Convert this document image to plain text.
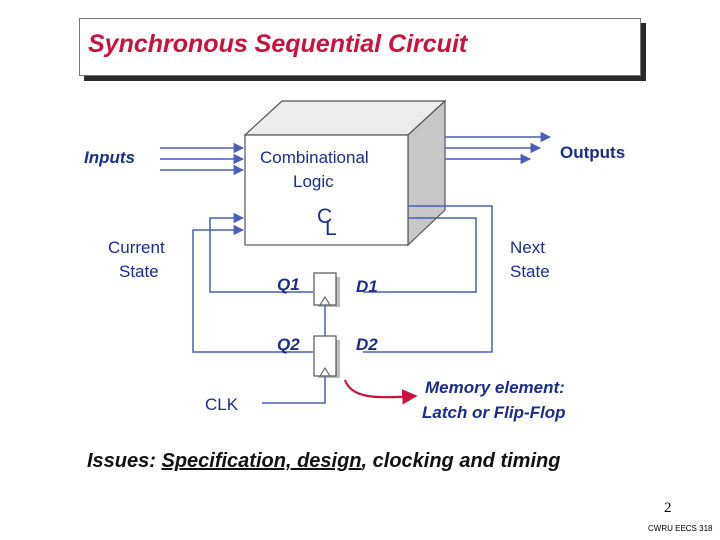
Synchronous Sequential Circuit
Inputs	Outputs
Combinational
Logic
C
L
Current
State
Next
State
Q1	D1
Q2	D2
CLK
Memory element:
Latch or Flip-Flop
Issues: Specification, design, clocking and timing
2
CWRU EECS 318
